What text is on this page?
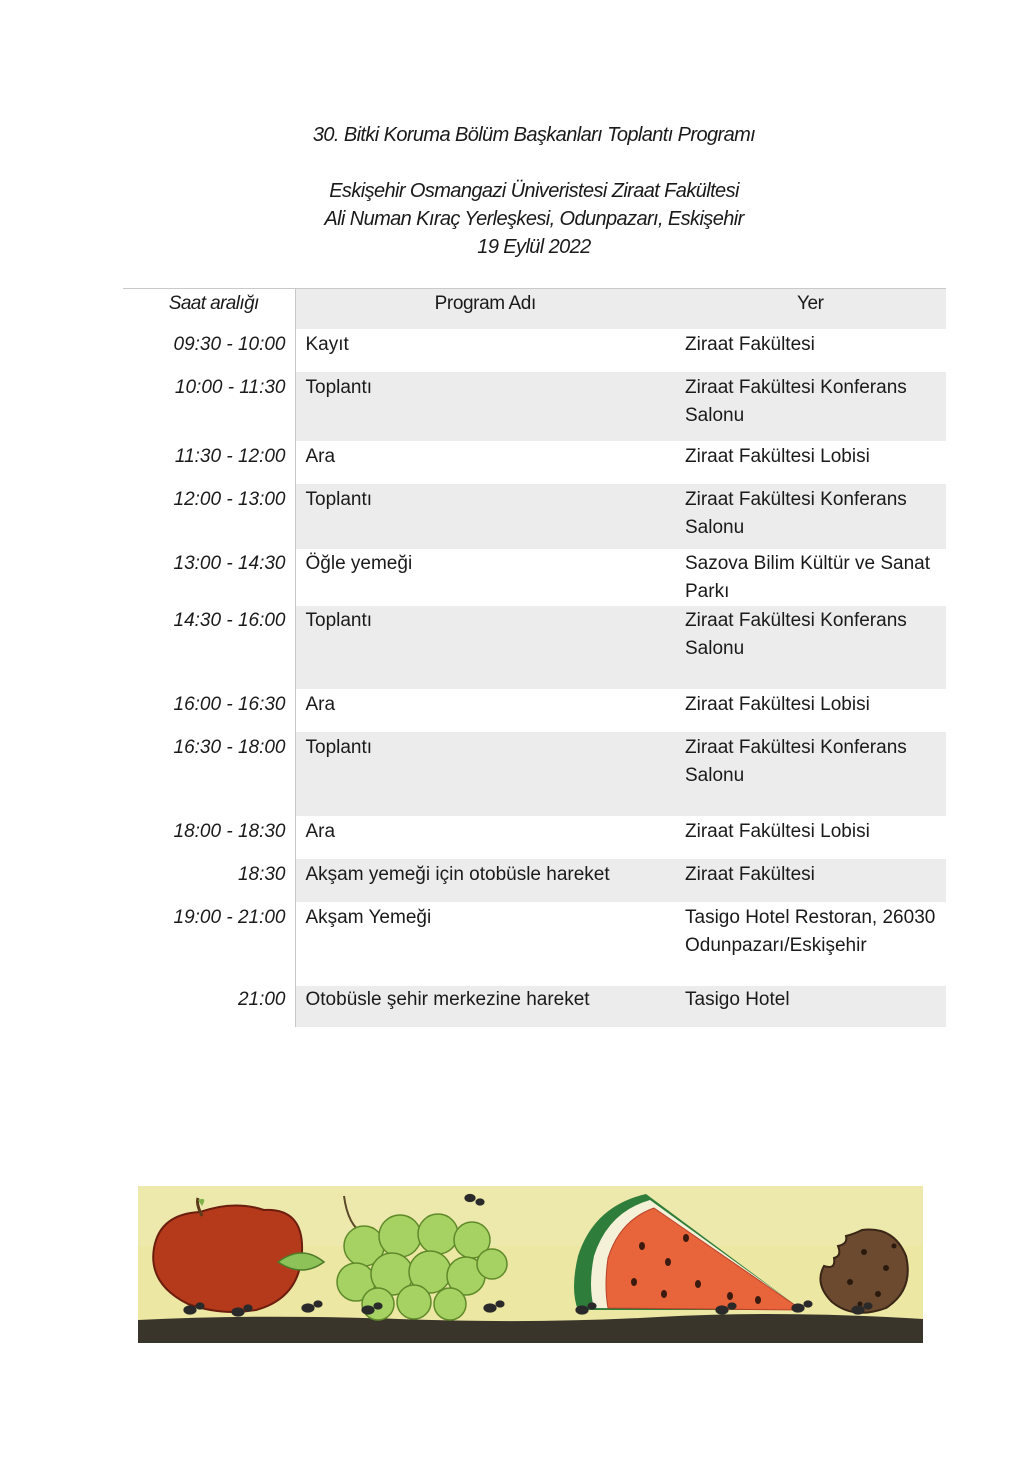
30. Bitki Koruma Bölüm Başkanları Toplantı Programı
Eskişehir Osmangazi Üniveristesi Ziraat Fakültesi
Ali Numan Kıraç Yerleşkesi, Odunpazarı, Eskişehir
19 Eylül 2022
Saat aralığı	Program Adı	Yer
09:30 - 10:00	Kayıt	Ziraat Fakültesi
10:00 - 11:30	Toplantı	Ziraat Fakültesi Konferans Salonu
11:30 - 12:00	Ara	Ziraat Fakültesi Lobisi
12:00 - 13:00	Toplantı	Ziraat Fakültesi Konferans Salonu
13:00 - 14:30	Öğle yemeği	Sazova Bilim Kültür ve Sanat Parkı
14:30 - 16:00	Toplantı	Ziraat Fakültesi Konferans Salonu
16:00 - 16:30	Ara	Ziraat Fakültesi Lobisi
16:30 - 18:00	Toplantı	Ziraat Fakültesi Konferans Salonu
18:00 - 18:30	Ara	Ziraat Fakültesi Lobisi
18:30	Akşam yemeği için otobüsle hareket	Ziraat Fakültesi
19:00 - 21:00	Akşam Yemeği	Tasigo Hotel Restoran, 26030 Odunpazarı/Eskişehir
21:00	Otobüsle şehir merkezine hareket	Tasigo Hotel
